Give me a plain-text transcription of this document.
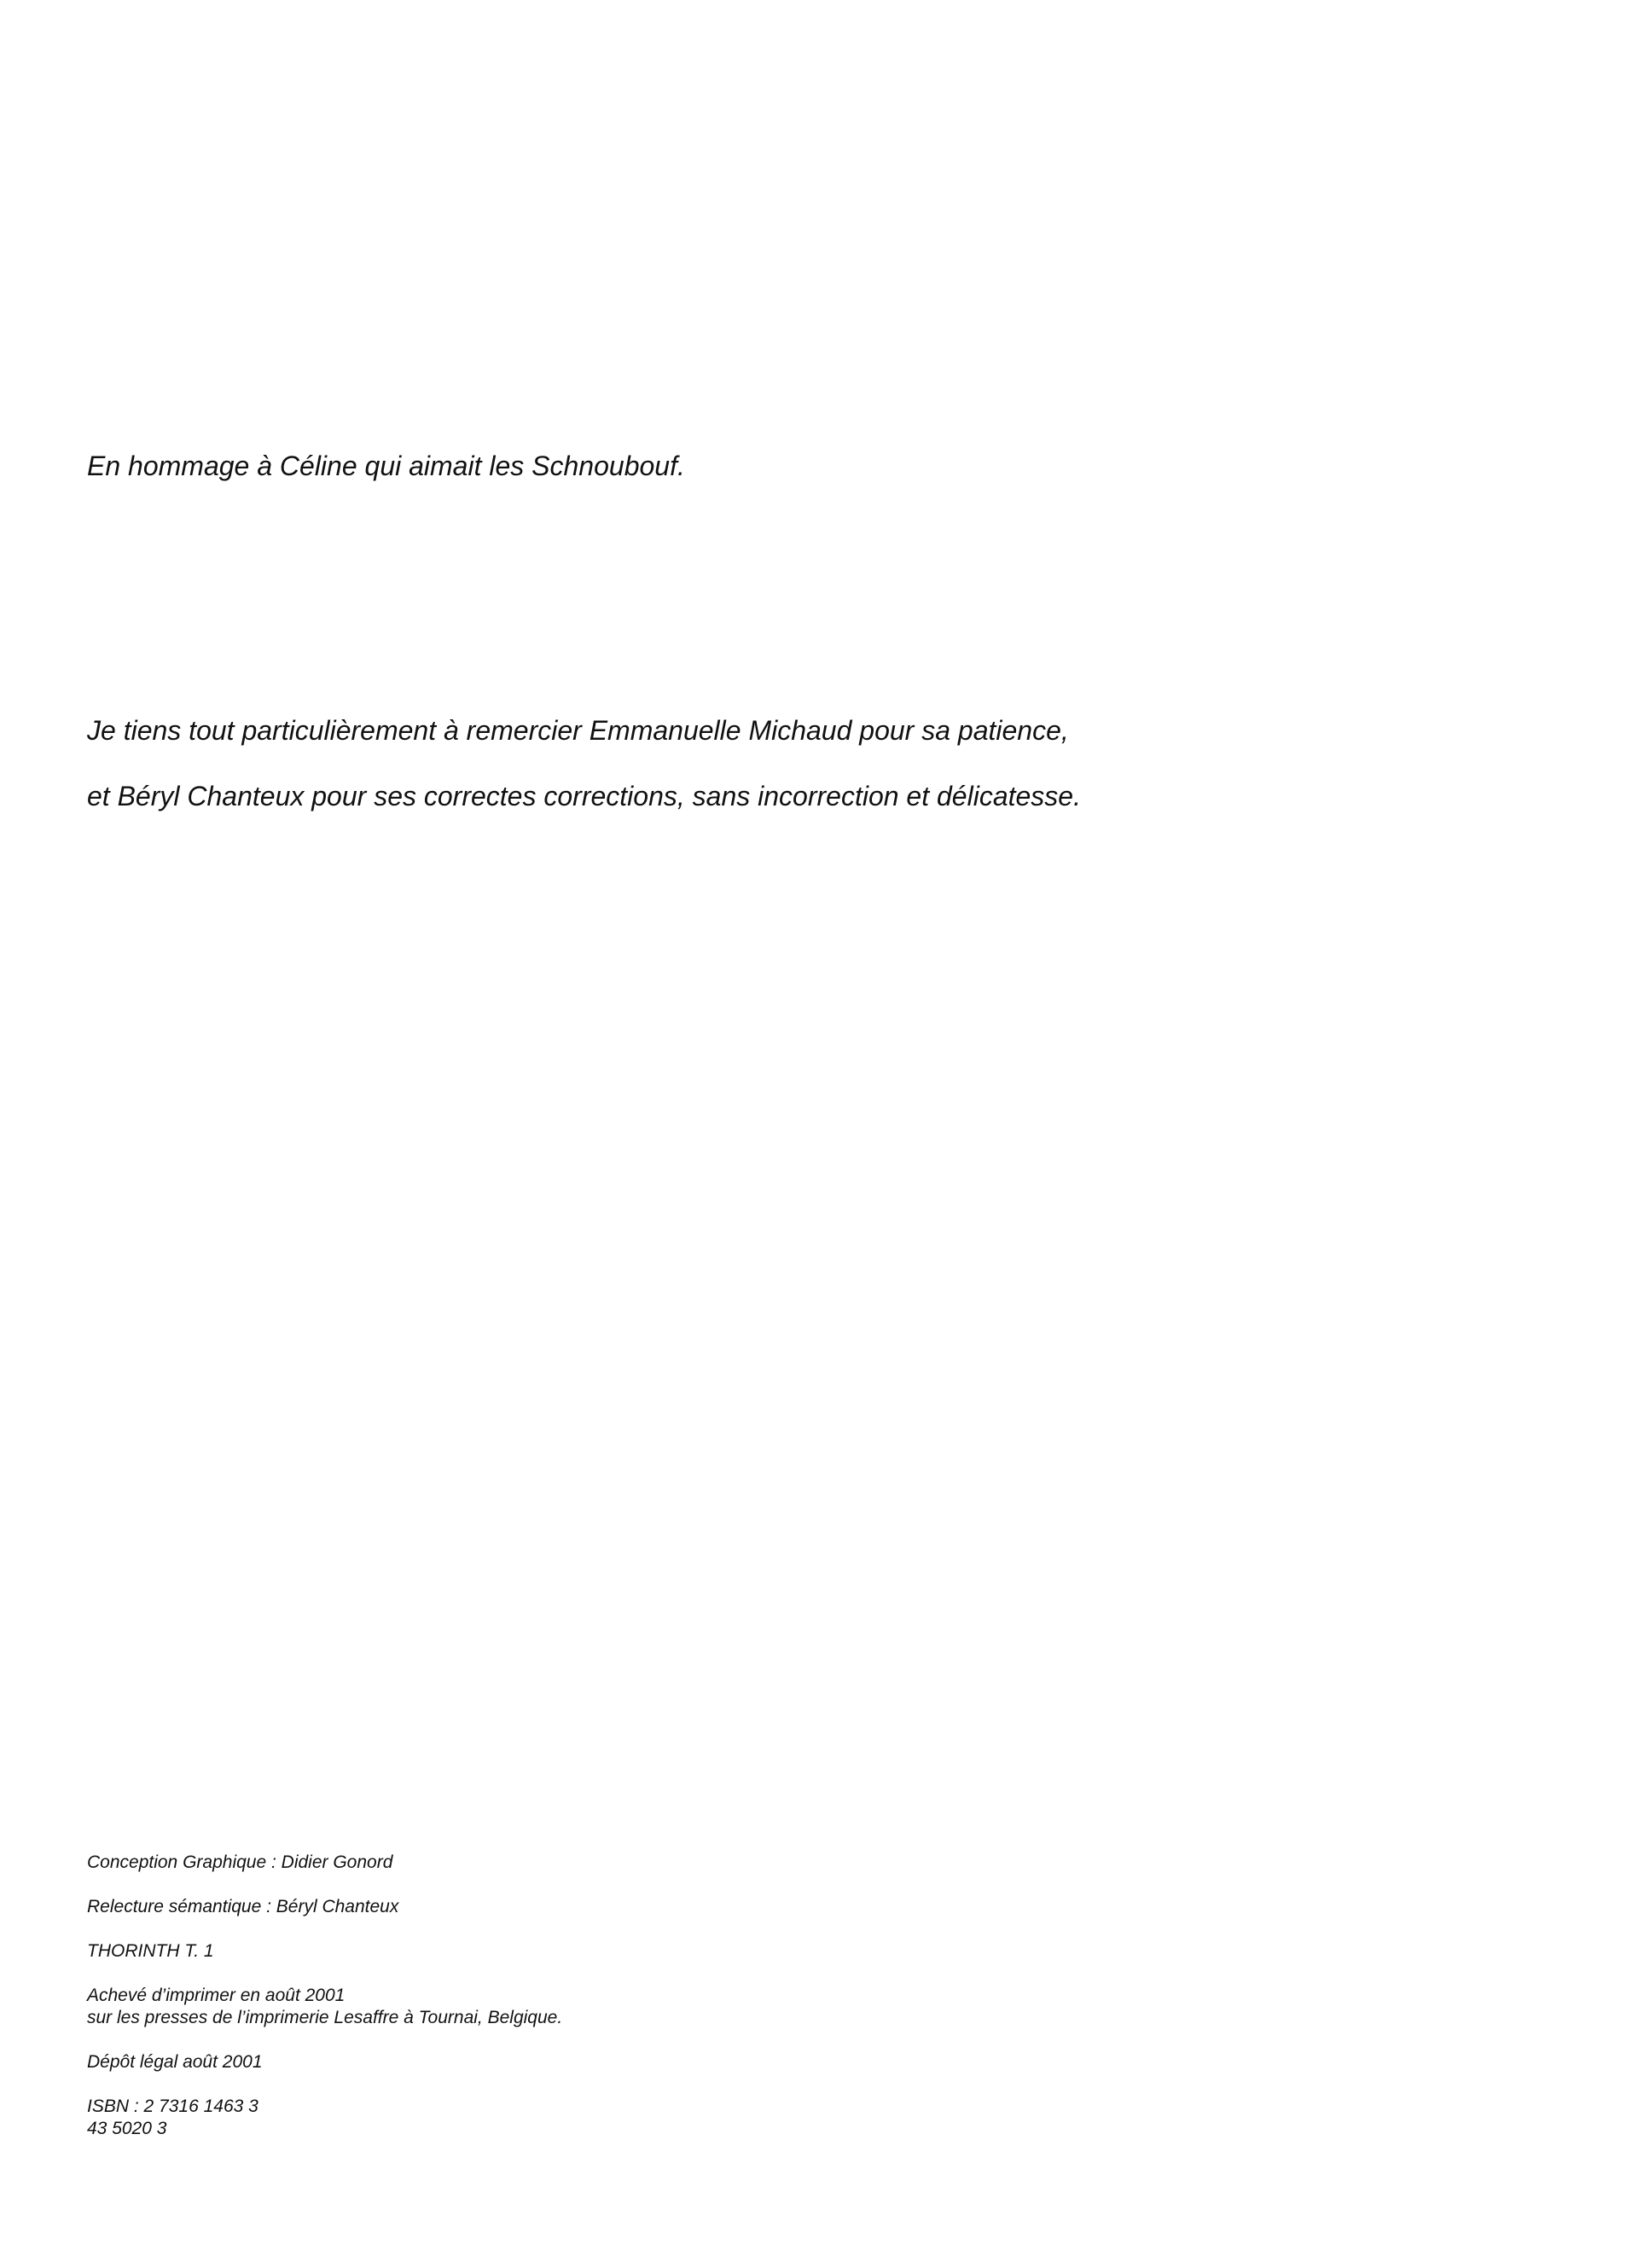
En hommage à Céline qui aimait les Schnoubouf.

Je tiens tout particulièrement à remercier Emmanuelle Michaud pour sa patience,

et Béryl Chanteux pour ses correctes corrections, sans incorrection et délicatesse.

Conception Graphique : Didier Gonord

Relecture sémantique : Béryl Chanteux

THORINTH T. 1

Achevé d’imprimer en août 2001
sur les presses de l’imprimerie Lesaffre à Tournai, Belgique.

Dépôt légal août 2001

ISBN : 2 7316 1463 3
43 5020 3
